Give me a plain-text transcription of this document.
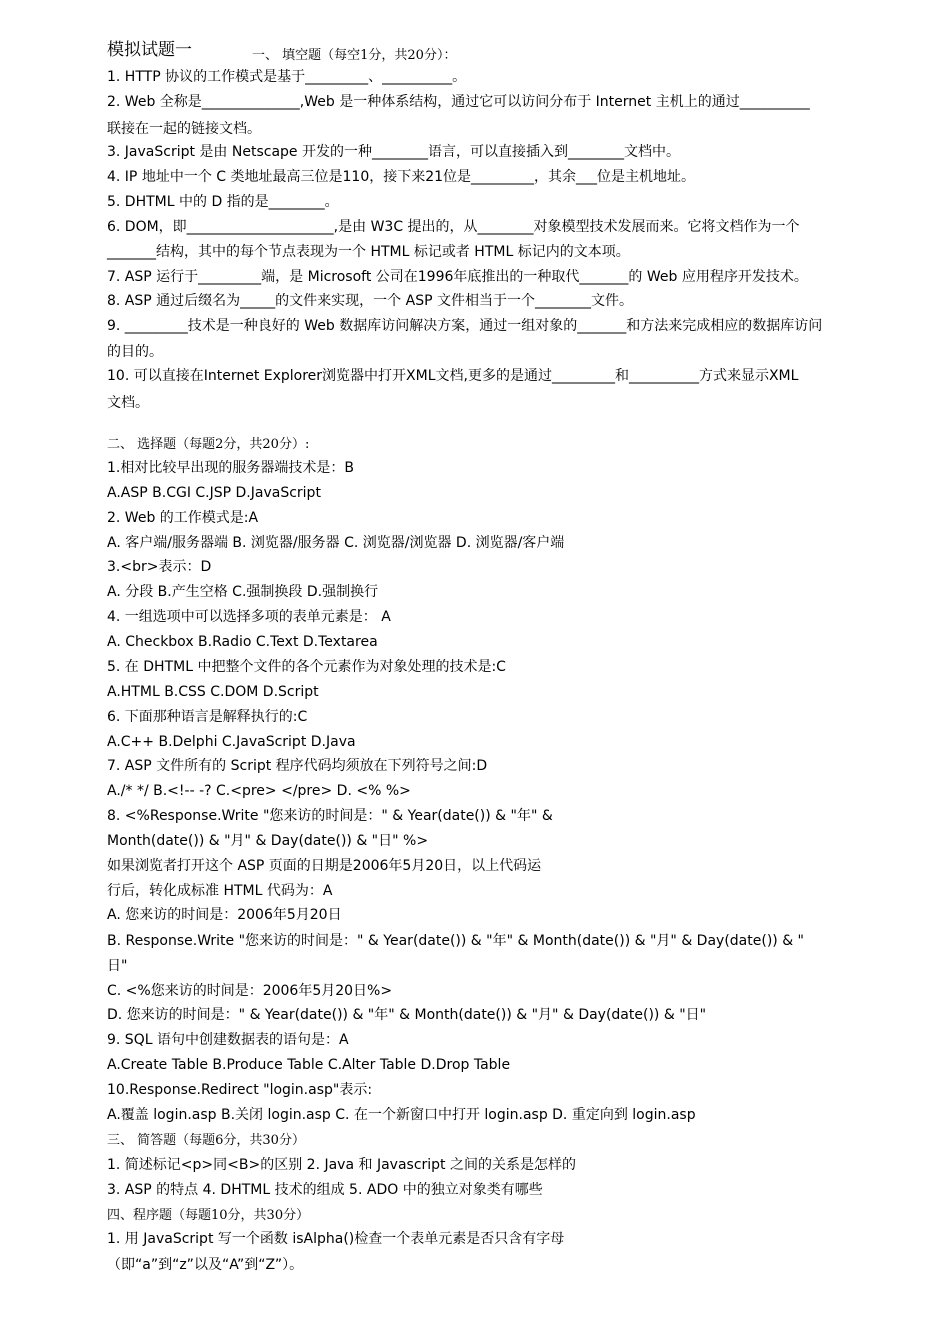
模拟试题一	一、 填空题（每空1分，共20分）：
1. HTTP 协议的工作模式是基于_________、__________。
2. Web 全称是______________,Web 是一种体系结构，通过它可以访问分布于 Internet 主机上的通过__________
联接在一起的链接文档。
3. JavaScript 是由 Netscape 开发的一种________语言，可以直接插入到________文档中。
4. IP 地址中一个 C 类地址最高三位是110，接下来21位是_________，其余___位是主机地址。
5. DHTML 中的 D 指的是________。
6. DOM，即_____________________,是由 W3C 提出的，从________对象模型技术发展而来。它将文档作为一个
_______结构，其中的每个节点表现为一个 HTML 标记或者 HTML 标记内的文本项。
7. ASP 运行于_________端，是 Microsoft 公司在1996年底推出的一种取代_______的 Web 应用程序开发技术。
8. ASP 通过后缀名为_____的文件来实现，一个 ASP 文件相当于一个________文件。
9. _________技术是一种良好的 Web 数据库访问解决方案，通过一组对象的_______和方法来完成相应的数据库访问
的目的。
10. 可以直接在Internet Explorer浏览器中打开XML文档,更多的是通过_________和__________方式来显示XML
文档。
二、 选择题（每题2分，共20分）:
1.相对比较早出现的服务器端技术是：B
A.ASP B.CGI C.JSP D.JavaScript
2. Web 的工作模式是:A
A. 客户端/服务器端 B. 浏览器/服务器 C. 浏览器/浏览器 D. 浏览器/客户端
3.<br>表示：D
A. 分段 B.产生空格 C.强制换段 D.强制换行
4. 一组选项中可以选择多项的表单元素是： A
A. Checkbox B.Radio C.Text D.Textarea
5. 在 DHTML 中把整个文件的各个元素作为对象处理的技术是:C
A.HTML B.CSS C.DOM D.Script
6. 下面那种语言是解释执行的:C
A.C++ B.Delphi C.JavaScript D.Java
7. ASP 文件所有的 Script 程序代码均须放在下列符号之间:D
A./* */ B.<!-- -? C.<pre> </pre> D. <% %>
8. <%Response.Write "您来访的时间是：" & Year(date()) & "年" &
Month(date()) & "月" & Day(date()) & "日" %>
如果浏览者打开这个 ASP 页面的日期是2006年5月20日，以上代码运
行后，转化成标准 HTML 代码为：A
A. 您来访的时间是：2006年5月20日
B. Response.Write "您来访的时间是：" & Year(date()) & "年" & Month(date()) & "月" & Day(date()) & "
日"
C. <%您来访的时间是：2006年5月20日%>
D. 您来访的时间是：" & Year(date()) & "年" & Month(date()) & "月" & Day(date()) & "日"
9. SQL 语句中创建数据表的语句是：A
A.Create Table B.Produce Table C.Alter Table D.Drop Table
10.Response.Redirect "login.asp"表示:
A.覆盖 login.asp B.关闭 login.asp C. 在一个新窗口中打开 login.asp D. 重定向到 login.asp
三、 简答题（每题6分，共30分）
1. 简述标记<p>同<B>的区别 2. Java 和 Javascript 之间的关系是怎样的
3. ASP 的特点 4. DHTML 技术的组成 5. ADO 中的独立对象类有哪些
四、程序题（每题10分，共30分）
1. 用 JavaScript 写一个函数 isAlpha()检查一个表单元素是否只含有字母
（即“a”到“z”以及“A”到“Z”）。
